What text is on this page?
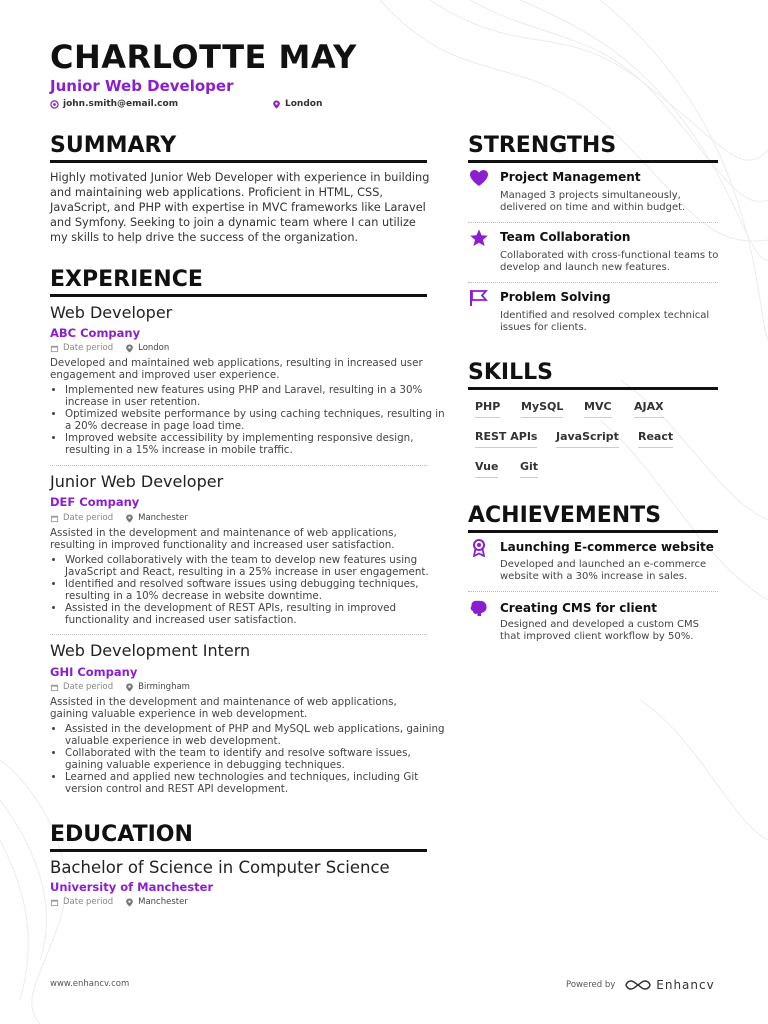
CHARLOTTE MAY
Junior Web Developer
john.smith@email.com	London
SUMMARY
Highly motivated Junior Web Developer with experience in building and maintaining web applications. Proficient in HTML, CSS, JavaScript, and PHP with expertise in MVC frameworks like Laravel and Symfony. Seeking to join a dynamic team where I can utilize my skills to help drive the success of the organization.
EXPERIENCE
Web Developer
ABC Company
Date period	London
Developed and maintained web applications, resulting in increased user engagement and improved user experience.
• Implemented new features using PHP and Laravel, resulting in a 30% increase in user retention.
• Optimized website performance by using caching techniques, resulting in a 20% decrease in page load time.
• Improved website accessibility by implementing responsive design, resulting in a 15% increase in mobile traffic.
Junior Web Developer
DEF Company
Date period	Manchester
Assisted in the development and maintenance of web applications, resulting in improved functionality and increased user satisfaction.
• Worked collaboratively with the team to develop new features using JavaScript and React, resulting in a 25% increase in user engagement.
• Identified and resolved software issues using debugging techniques, resulting in a 10% decrease in website downtime.
• Assisted in the development of REST APIs, resulting in improved functionality and increased user satisfaction.
Web Development Intern
GHI Company
Date period	Birmingham
Assisted in the development and maintenance of web applications, gaining valuable experience in web development.
• Assisted in the development of PHP and MySQL web applications, gaining valuable experience in web development.
• Collaborated with the team to identify and resolve software issues, gaining valuable experience in debugging techniques.
• Learned and applied new technologies and techniques, including Git version control and REST API development.
EDUCATION
Bachelor of Science in Computer Science
University of Manchester
Date period	Manchester
STRENGTHS
Project Management
Managed 3 projects simultaneously, delivered on time and within budget.
Team Collaboration
Collaborated with cross-functional teams to develop and launch new features.
Problem Solving
Identified and resolved complex technical issues for clients.
SKILLS
PHP MySQL MVC AJAX
REST APIs JavaScript React
Vue Git
ACHIEVEMENTS
Launching E-commerce website
Developed and launched an e-commerce website with a 30% increase in sales.
Creating CMS for client
Designed and developed a custom CMS that improved client workflow by 50%.
www.enhancv.com	Powered by	Enhancv
